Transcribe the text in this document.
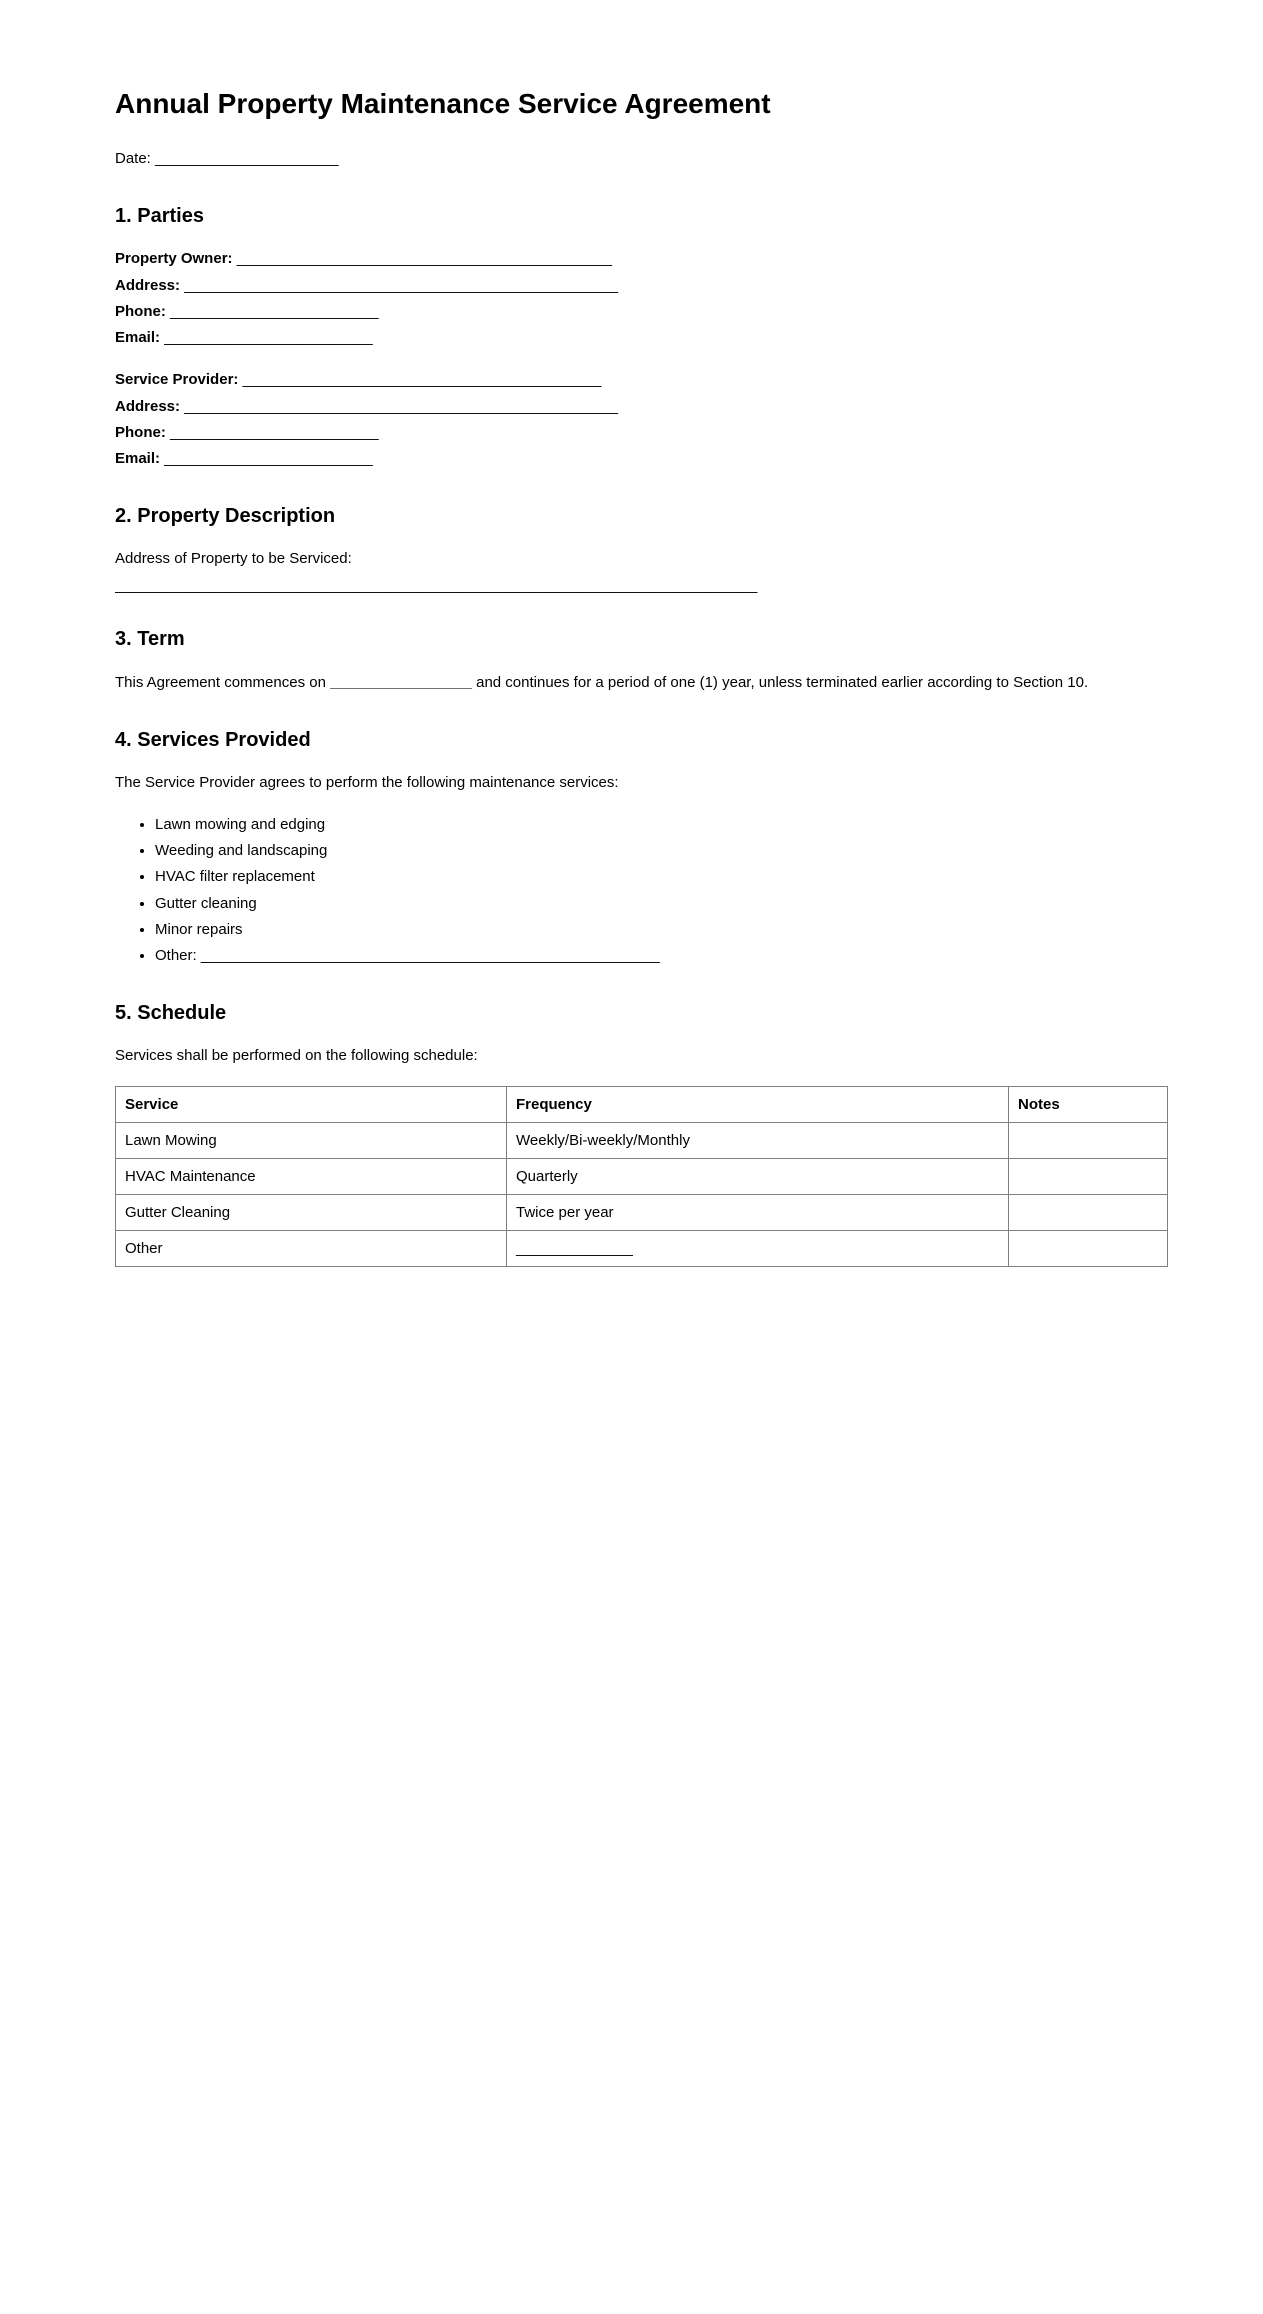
Annual Property Maintenance Service Agreement

Date: ______________________

1. Parties

Property Owner: _____________________________________________

Address: ____________________________________________________

Phone: _________________________

Email: _________________________

Service Provider: ___________________________________________

Address: ____________________________________________________

Phone: _________________________

Email: _________________________

2. Property Description

Address of Property to be Serviced:

_____________________________________________________________________________

3. Term

This Agreement commences on _________________ and continues for a period of one (1) year, unless terminated earlier according to Section 10.

4. Services Provided

The Service Provider agrees to perform the following maintenance services:

• Lawn mowing and edging
• Weeding and landscaping
• HVAC filter replacement
• Gutter cleaning
• Minor repairs
• Other: _______________________________________________________
5. Schedule

Services shall be performed on the following schedule:

Service	Frequency	Notes
Lawn Mowing	Weekly/Bi-weekly/Monthly	
HVAC Maintenance	Quarterly	
Gutter Cleaning	Twice per year	
Other	______________	
